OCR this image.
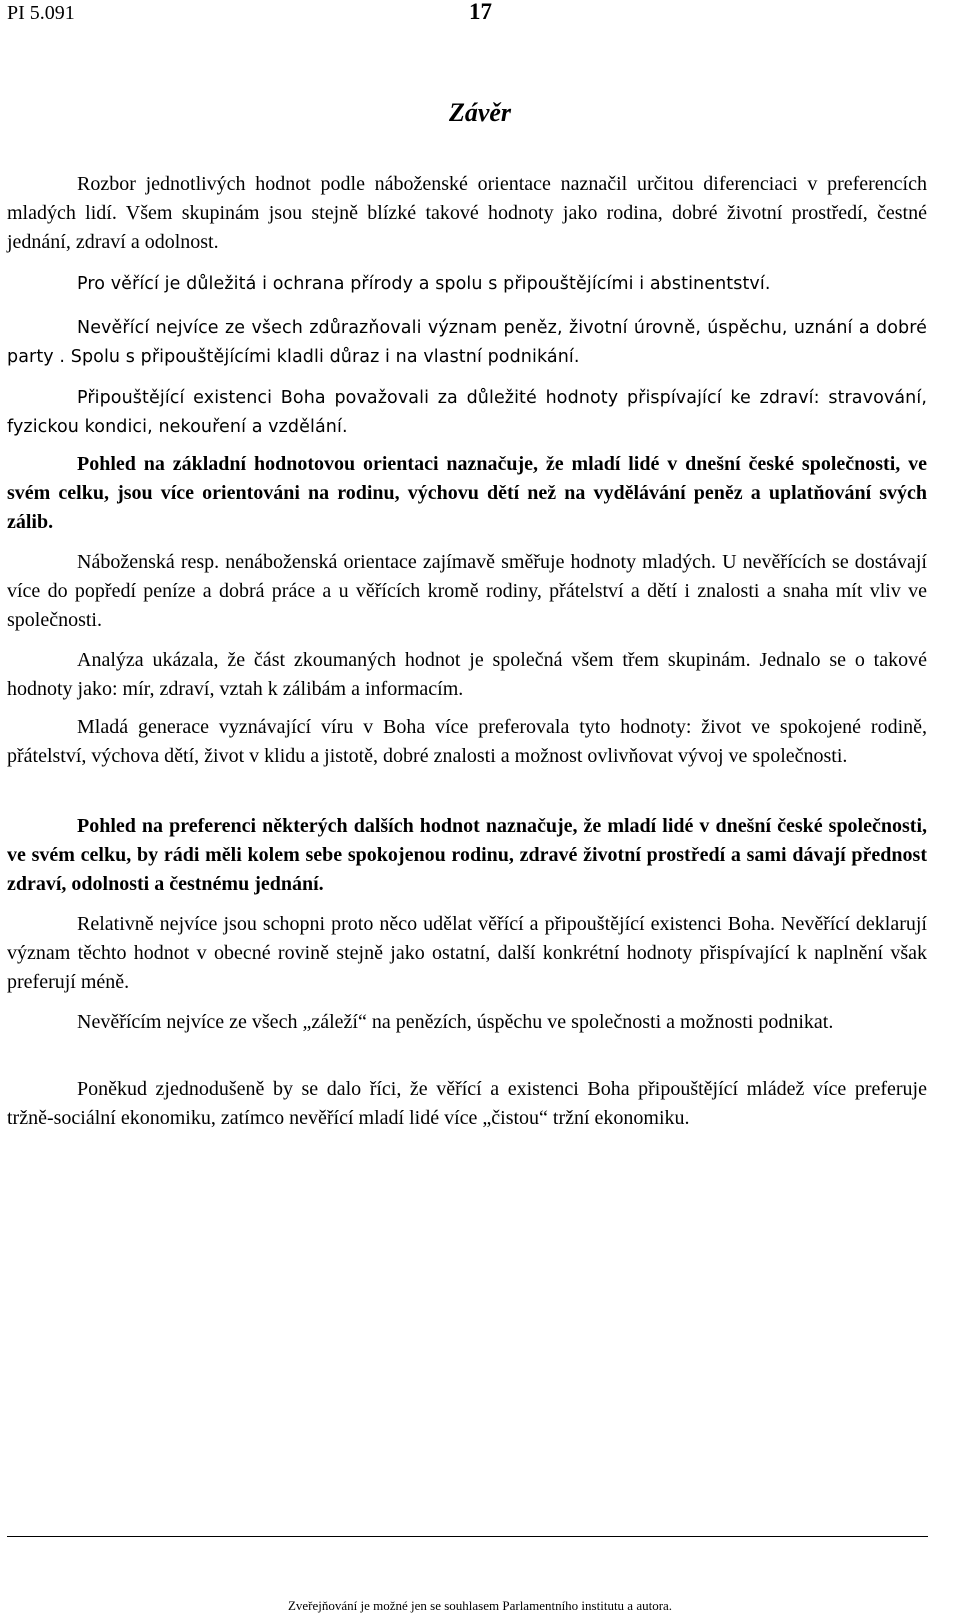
PI 5.091	17
Závěr

Rozbor jednotlivých hodnot podle náboženské orientace naznačil určitou diferenciaci v preferencích mladých lidí. Všem skupinám jsou stejně blízké takové hodnoty jako rodina, dobré životní prostředí, čestné jednání, zdraví a odolnost.

Pro věřící je důležitá i ochrana přírody a spolu s připouštějícími i abstinentství.

Nevěřící nejvíce ze všech zdůrazňovali význam peněz, životní úrovně, úspěchu, uznání a dobré party . Spolu s připouštějícími kladli důraz i na vlastní podnikání.

Připouštějící existenci Boha považovali za důležité hodnoty přispívající ke zdraví: stravování, fyzickou kondici, nekouření a vzdělání.

Pohled na základní hodnotovou orientaci naznačuje, že mladí lidé v dnešní české společnosti, ve svém celku, jsou více orientováni na rodinu, výchovu dětí než na vydělávání peněz a uplatňování svých zálib.

Náboženská resp. nenáboženská orientace zajímavě směřuje hodnoty mladých. U nevěřících se dostávají více do popředí peníze a dobrá práce a u věřících kromě rodiny, přátelství a dětí i znalosti a snaha mít vliv ve společnosti.

Analýza ukázala, že část zkoumaných hodnot je společná všem třem skupinám. Jednalo se o takové hodnoty jako: mír, zdraví, vztah k zálibám a informacím.

Mladá generace vyznávající víru v Boha více preferovala tyto hodnoty: život ve spokojené rodině, přátelství, výchova dětí, život v klidu a jistotě, dobré znalosti a možnost ovlivňovat vývoj ve společnosti.

Pohled na preferenci některých dalších hodnot naznačuje, že mladí lidé v dnešní české společnosti, ve svém celku, by rádi měli kolem sebe spokojenou rodinu, zdravé životní prostředí a sami dávají přednost zdraví, odolnosti a čestnému jednání.

Relativně nejvíce jsou schopni proto něco udělat věřící a připouštějící existenci Boha. Nevěřící deklarují význam těchto hodnot v obecné rovině stejně jako ostatní, další konkrétní hodnoty přispívající k naplnění však preferují méně.

Nevěřícím nejvíce ze všech „záleží“ na penězích, úspěchu ve společnosti a možnosti podnikat.

Poněkud zjednodušeně by se dalo říci, že věřící a existenci Boha připouštějící mládež více preferuje tržně-sociální ekonomiku, zatímco nevěřící mladí lidé více „čistou“ tržní ekonomiku.

Zveřejňování je možné jen se souhlasem Parlamentního institutu a autora.
